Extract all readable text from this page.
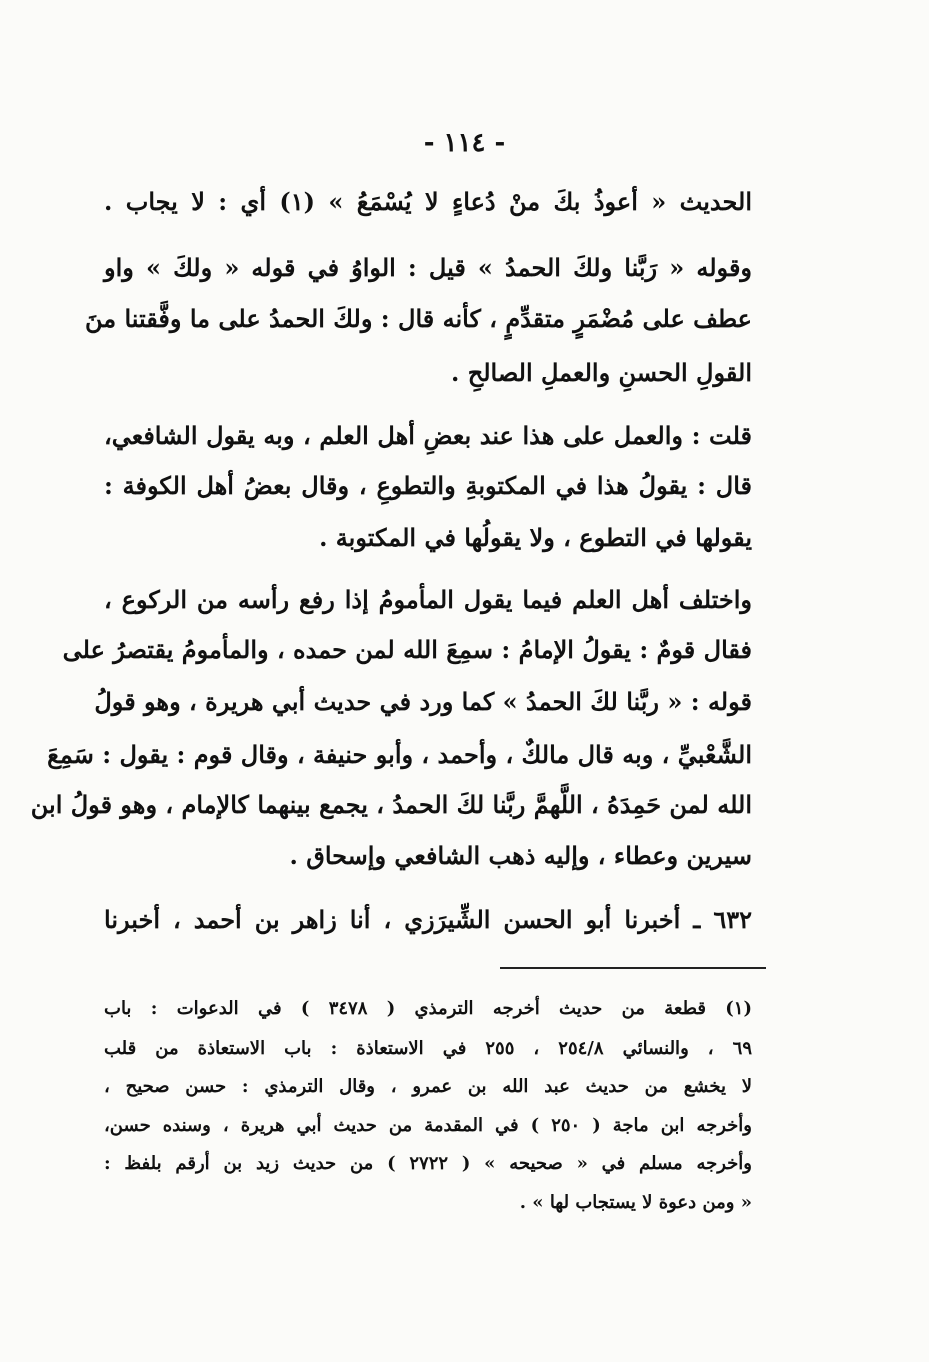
- ١١٤ -
الحديث « أعوذُ بكَ منْ دُعاءٍ لا يُسْمَعُ » (١) أي : لا يجاب .
وقوله « رَبَّنا ولكَ الحمدُ » قيل : الواوُ في قوله « ولكَ » واو
عطف على مُضْمَرٍ متقدِّمٍ ، كأنه قال : ولكَ الحمدُ على ما وفَّقتنا منَ
القولِ الحسنِ والعملِ الصالحِ .
قلت : والعمل على هذا عند بعضِ أهل العلم ، وبه يقول الشافعي،
قال : يقولُ هذا في المكتوبةِ والتطوعِ ، وقال بعضُ أهل الكوفة :
يقولها في التطوع ، ولا يقولُها في المكتوبة .
واختلف أهل العلم فيما يقول المأمومُ إذا رفع رأسه من الركوع ،
فقال قومٌ : يقولُ الإمامُ : سمِعَ الله لمن حمده ، والمأمومُ يقتصرُ على
قوله : « ربَّنا لكَ الحمدُ » كما ورد في حديث أبي هريرة ، وهو قولُ
الشَّعْبيِّ ، وبه قال مالكٌ ، وأحمد ، وأبو حنيفة ، وقال قوم : يقول : سَمِعَ
الله لمن حَمِدَهُ ، اللَّهمَّ ربَّنا لكَ الحمدُ ، يجمع بينهما كالإمام ، وهو قولُ ابن
سيرين وعطاء ، وإليه ذهب الشافعي وإسحاق .
٦٣٢ ـ أخبرنا أبو الحسن الشِّيرَزي ، أنا زاهر بن أحمد ، أخبرنا
(١) قطعة من حديث أخرجه الترمذي ( ٣٤٧٨ ) في الدعوات : باب
٦٩ ، والنسائي ٢٥٤/٨ ، ٢٥٥ في الاستعاذة : باب الاستعاذة من قلب
لا يخشع من حديث عبد الله بن عمرو ، وقال الترمذي : حسن صحيح ،
وأخرجه ابن ماجة ( ٢٥٠ ) في المقدمة من حديث أبي هريرة ، وسنده حسن،
وأخرجه مسلم في « صحيحه » ( ٢٧٢٢ ) من حديث زيد بن أرقم بلفظ :
« ومن دعوة لا يستجاب لها » .
